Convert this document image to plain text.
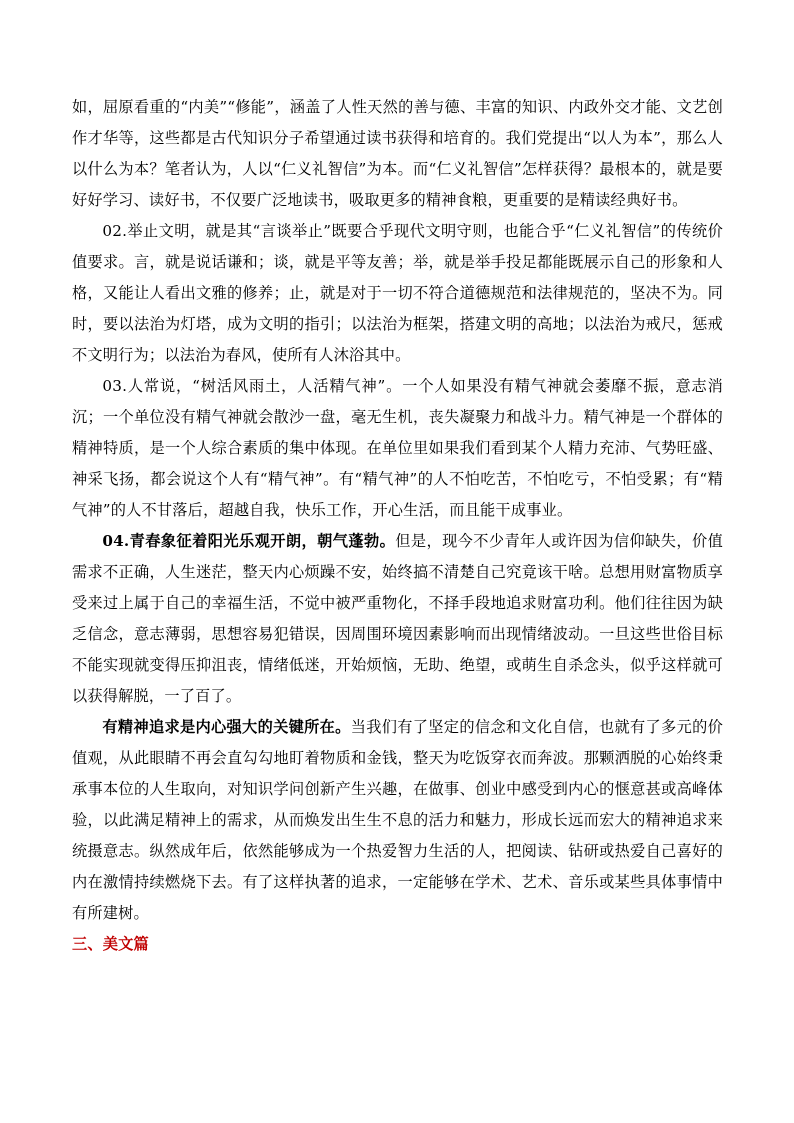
如，屈原看重的“内美”“修能”，涵盖了人性天然的善与德、丰富的知识、内政外交才能、文艺创作才华等，这些都是古代知识分子希望通过读书获得和培育的。我们党提出“以人为本”，那么人以什么为本？笔者认为，人以“仁义礼智信”为本。而“仁义礼智信”怎样获得？最根本的，就是要好好学习、读好书，不仅要广泛地读书，吸取更多的精神食粮，更重要的是精读经典好书。

02.举止文明，就是其“言谈举止”既要合乎现代文明守则，也能合乎“仁义礼智信”的传统价值要求。言，就是说话谦和；谈，就是平等友善；举，就是举手投足都能既展示自己的形象和人格，又能让人看出文雅的修养；止，就是对于一切不符合道德规范和法律规范的，坚决不为。同时，要以法治为灯塔，成为文明的指引；以法治为框架，搭建文明的高地；以法治为戒尺，惩戒不文明行为；以法治为春风，使所有人沐浴其中。

03.人常说，“树活风雨土，人活精气神”。一个人如果没有精气神就会萎靡不振，意志消沉；一个单位没有精气神就会散沙一盘，毫无生机，丧失凝聚力和战斗力。精气神是一个群体的精神特质，是一个人综合素质的集中体现。在单位里如果我们看到某个人精力充沛、气势旺盛、神采飞扬，都会说这个人有“精气神”。有“精气神”的人不怕吃苦，不怕吃亏，不怕受累；有“精气神”的人不甘落后，超越自我，快乐工作，开心生活，而且能干成事业。

04.青春象征着阳光乐观开朗，朝气蓬勃。但是，现今不少青年人或许因为信仰缺失，价值需求不正确，人生迷茫，整天内心烦躁不安，始终搞不清楚自己究竟该干啥。总想用财富物质享受来过上属于自己的幸福生活，不觉中被严重物化，不择手段地追求财富功利。他们往往因为缺乏信念，意志薄弱，思想容易犯错误，因周围环境因素影响而出现情绪波动。一旦这些世俗目标不能实现就变得压抑沮丧，情绪低迷，开始烦恼，无助、绝望，或萌生自杀念头，似乎这样就可以获得解脱，一了百了。

有精神追求是内心强大的关键所在。当我们有了坚定的信念和文化自信，也就有了多元的价值观，从此眼睛不再会直勾勾地盯着物质和金钱，整天为吃饭穿衣而奔波。那颗洒脱的心始终秉承事本位的人生取向，对知识学问创新产生兴趣，在做事、创业中感受到内心的惬意甚或高峰体验，以此满足精神上的需求，从而焕发出生生不息的活力和魅力，形成长远而宏大的精神追求来统摄意志。纵然成年后，依然能够成为一个热爱智力生活的人，把阅读、钻研或热爱自己喜好的内在激情持续燃烧下去。有了这样执著的追求，一定能够在学术、艺术、音乐或某些具体事情中有所建树。

三、美文篇
